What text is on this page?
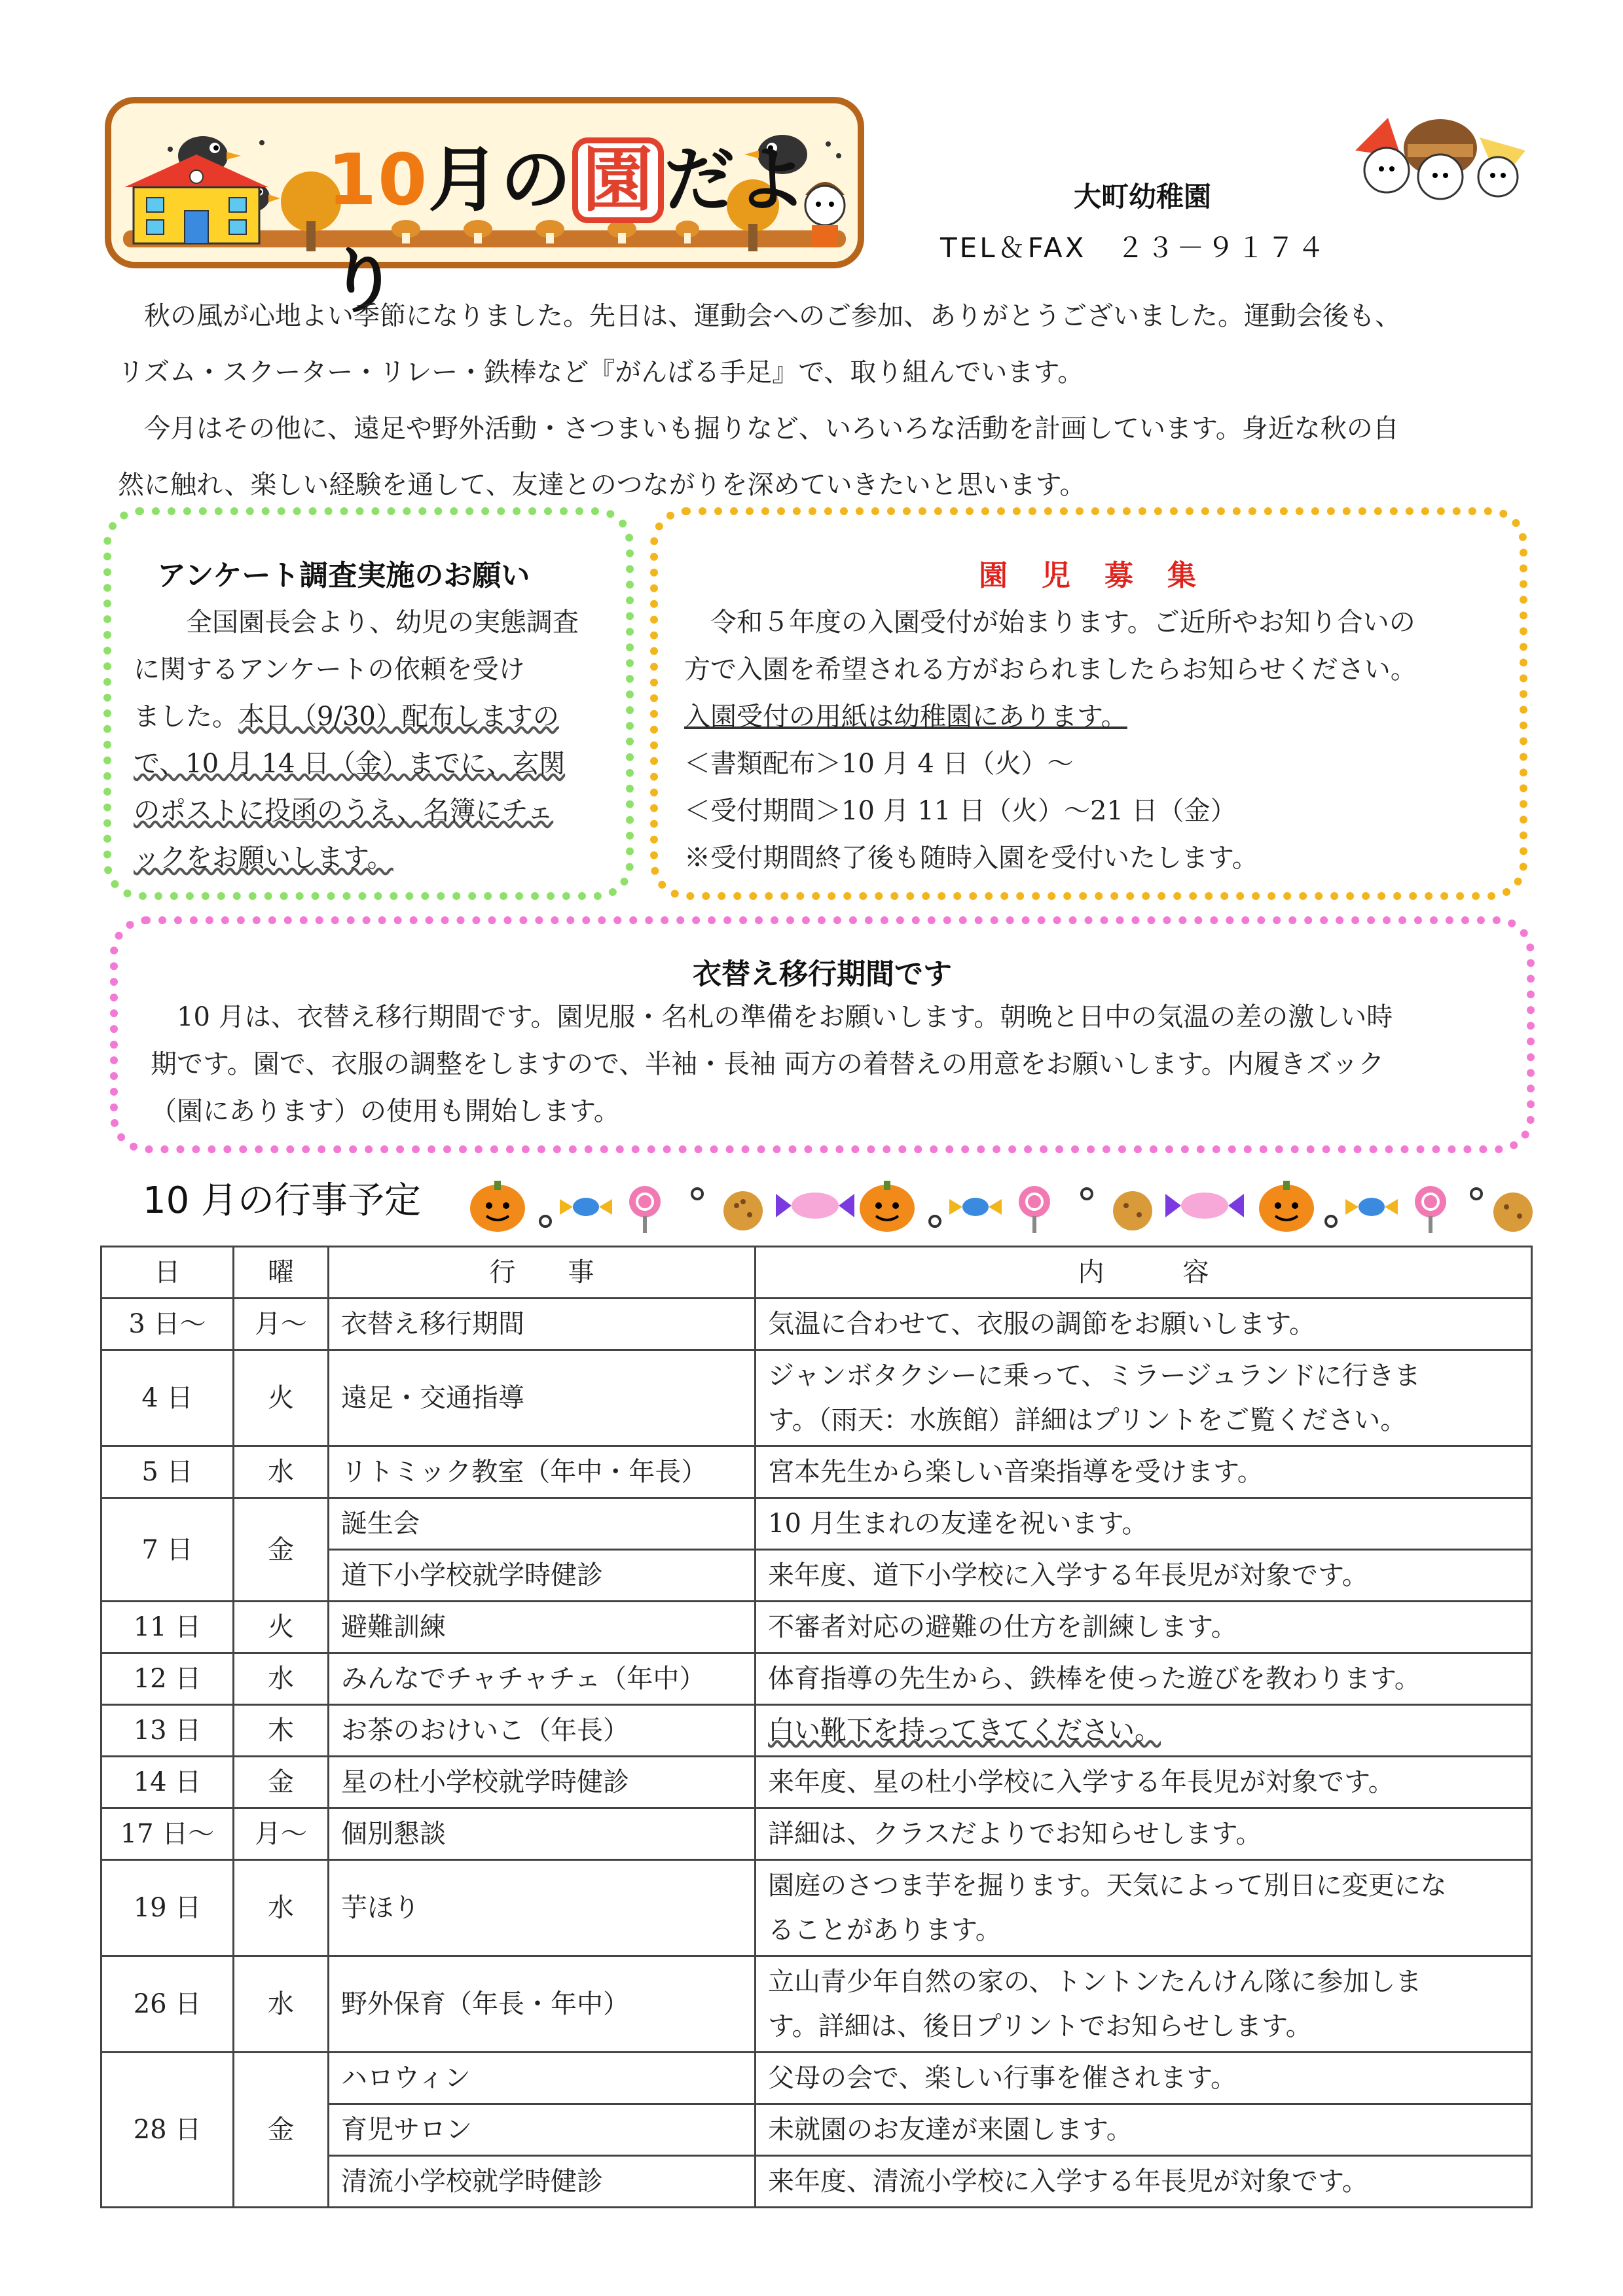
10月の 園 だより
大町幼稚園
TEL＆FAX　２３－９１７４
秋の風が心地よい季節になりました。先日は、運動会へのご参加、ありがとうございました。運動会後も、
リズム・スクーター・リレー・鉄棒など『がんばる手足』で、取り組んでいます。
今月はその他に、遠足や野外活動・さつまいも掘りなど、いろいろな活動を計画しています。身近な秋の自
然に触れ、楽しい経験を通して、友達とのつながりを深めていきたいと思います。
アンケート調査実施のお願い
全国園長会より、幼児の実態調査
に関するアンケートの依頼を受け
ました。本日（9/30）配布しますの
で、10 月 14 日（金）までに、玄関
のポストに投函のうえ、名簿にチェ
ックをお願いします。
園　児　募　集
令和５年度の入園受付が始まります。ご近所やお知り合いの
方で入園を希望される方がおられましたらお知らせください。
入園受付の用紙は幼稚園にあります。
＜書類配布＞10 月 4 日（火）～
＜受付期間＞10 月 11 日（火）～21 日（金）
※受付期間終了後も随時入園を受付いたします。
衣替え移行期間です
10 月は、衣替え移行期間です。園児服・名札の準備をお願いします。朝晩と日中の気温の差の激しい時
期です。園で、衣服の調整をしますので、半袖・長袖 両方の着替えの用意をお願いします。内履きズック
（園にあります）の使用も開始します。
10 月の行事予定
日	曜	行　　事	内　　　容
3 日～	月～	衣替え移行期間	気温に合わせて、衣服の調節をお願いします。
4 日	火	遠足・交通指導	ジャンボタクシーに乗って、ミラージュランドに行きま
す。（雨天：水族館）詳細はプリントをご覧ください。

5 日	水	リトミック教室（年中・年長）	宮本先生から楽しい音楽指導を受けます。
7 日	金	誕生会	10 月生まれの友達を祝います。
		道下小学校就学時健診	来年度、道下小学校に入学する年長児が対象です。
11 日	火	避難訓練	不審者対応の避難の仕方を訓練します。
12 日	水	みんなでチャチャチェ（年中）	体育指導の先生から、鉄棒を使った遊びを教わります。
13 日	木	お茶のおけいこ（年長）	白い靴下を持ってきてください。
14 日	金	星の杜小学校就学時健診	来年度、星の杜小学校に入学する年長児が対象です。
17 日～	月～	個別懇談	詳細は、クラスだよりでお知らせします。
19 日	水	芋ほり	園庭のさつま芋を掘ります。天気によって別日に変更にな
ることがあります。

26 日	水	野外保育（年長・年中）	立山青少年自然の家の、トントンたんけん隊に参加しま
す。詳細は、後日プリントでお知らせします。

28 日	金	ハロウィン	父母の会で、楽しい行事を催されます。
		育児サロン	未就園のお友達が来園します。
		清流小学校就学時健診	来年度、清流小学校に入学する年長児が対象です。
